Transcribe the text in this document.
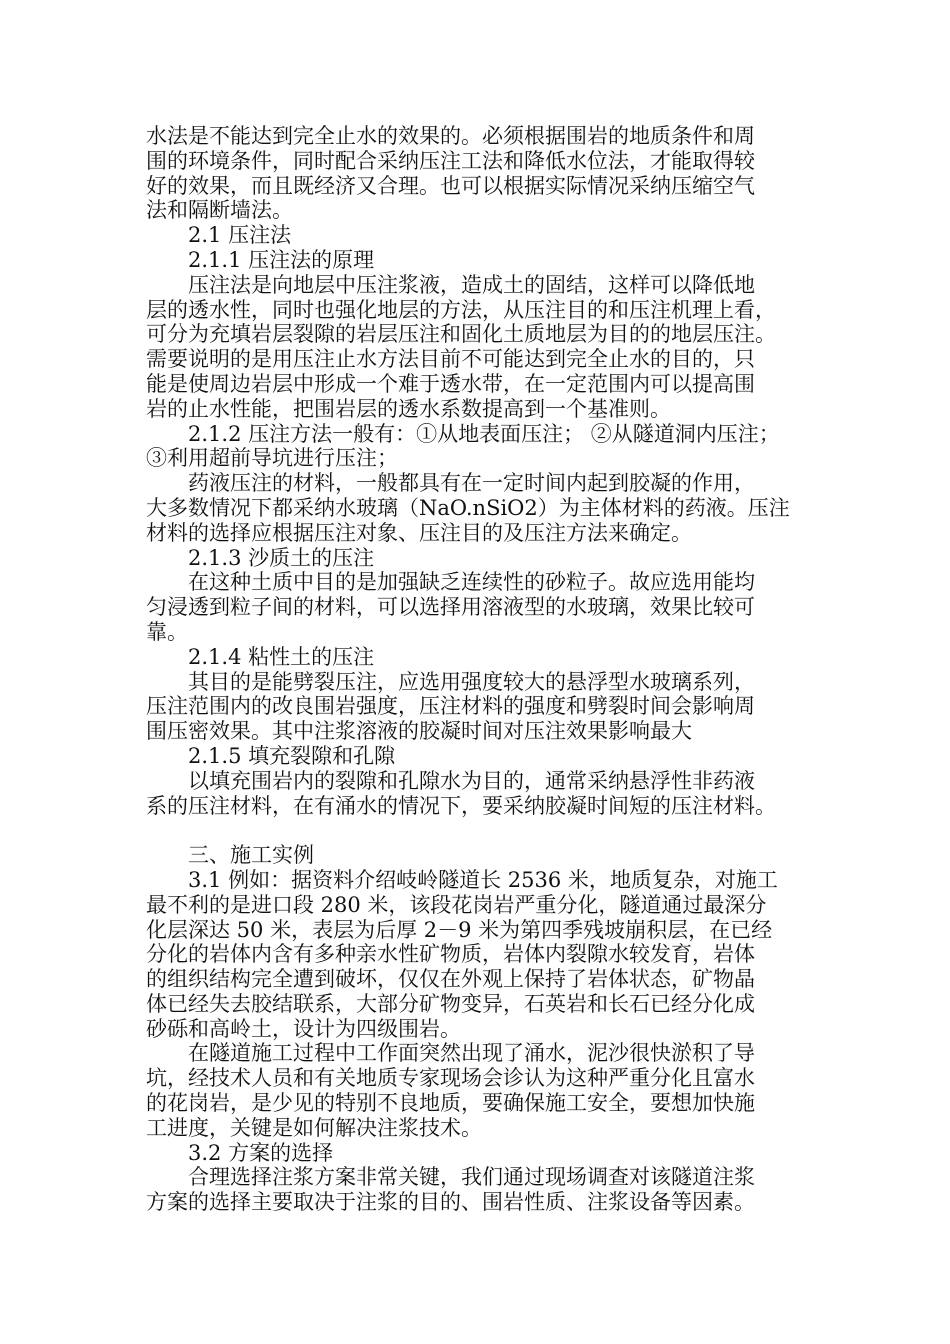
水法是不能达到完全止水的效果的。必须根据围岩的地质条件和周
围的环境条件，同时配合采纳压注工法和降低水位法，才能取得较
好的效果，而且既经济又合理。也可以根据实际情况采纳压缩空气
法和隔断墙法。
2.1 压注法
2.1.1 压注法的原理
压注法是向地层中压注浆液，造成土的固结，这样可以降低地
层的透水性，同时也强化地层的方法，从压注目的和压注机理上看，
可分为充填岩层裂隙的岩层压注和固化土质地层为目的的地层压注。
需要说明的是用压注止水方法目前不可能达到完全止水的目的，只
能是使周边岩层中形成一个难于透水带，在一定范围内可以提高围
岩的止水性能，把围岩层的透水系数提高到一个基准则。
2.1.2 压注方法一般有：①从地表面压注； ②从隧道洞内压注；
③利用超前导坑进行压注；
药液压注的材料，一般都具有在一定时间内起到胶凝的作用，
大多数情况下都采纳水玻璃（NaO.nSiO2）为主体材料的药液。压注
材料的选择应根据压注对象、压注目的及压注方法来确定。
2.1.3 沙质土的压注
在这种土质中目的是加强缺乏连续性的砂粒子。故应选用能均
匀浸透到粒子间的材料，可以选择用溶液型的水玻璃，效果比较可
靠。
2.1.4 粘性土的压注
其目的是能劈裂压注，应选用强度较大的悬浮型水玻璃系列，
压注范围内的改良围岩强度，压注材料的强度和劈裂时间会影响周
围压密效果。其中注浆溶液的胶凝时间对压注效果影响最大
2.1.5 填充裂隙和孔隙
以填充围岩内的裂隙和孔隙水为目的，通常采纳悬浮性非药液
系的压注材料，在有涌水的情况下，要采纳胶凝时间短的压注材料。
三、施工实例
3.1 例如：据资料介绍岐岭隧道长 2536 米，地质复杂，对施工
最不利的是进口段 280 米，该段花岗岩严重分化，隧道通过最深分
化层深达 50 米，表层为后厚 2－9 米为第四季残坡崩积层，在已经
分化的岩体内含有多种亲水性矿物质，岩体内裂隙水较发育，岩体
的组织结构完全遭到破坏，仅仅在外观上保持了岩体状态，矿物晶
体已经失去胶结联系，大部分矿物变异，石英岩和长石已经分化成
砂砾和高岭土，设计为四级围岩。
在隧道施工过程中工作面突然出现了涌水，泥沙很快淤积了导
坑，经技术人员和有关地质专家现场会诊认为这种严重分化且富水
的花岗岩，是少见的特别不良地质，要确保施工安全，要想加快施
工进度，关键是如何解决注浆技术。
3.2 方案的选择
合理选择注浆方案非常关键，我们通过现场调查对该隧道注浆
方案的选择主要取决于注浆的目的、围岩性质、注浆设备等因素。
